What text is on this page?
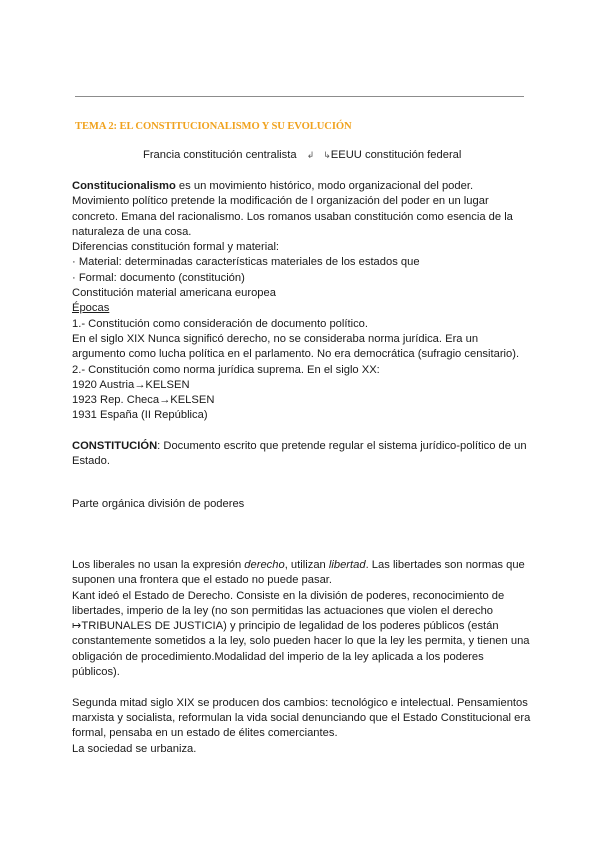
TEMA 2: EL CONSTITUCIONALISMO Y SU EVOLUCIÓN
Francia constitución centralista ↲ ↳EEUU constitución federal
Constitucionalismo es un movimiento histórico, modo organizacional del poder.
Movimiento político pretende la modificación de l organización del poder en un lugar
concreto. Emana del racionalismo. Los romanos usaban constitución como esencia de la
naturaleza de una cosa.
Diferencias constitución formal y material:
· Material: determinadas características materiales de los estados que
· Formal: documento (constitución)
Constitución material americana europea
Épocas
1.- Constitución como consideración de documento político.
En el siglo XIX Nunca significó derecho, no se consideraba norma jurídica. Era un
argumento como lucha política en el parlamento. No era democrática (sufragio censitario).
2.- Constitución como norma jurídica suprema. En el siglo XX:
1920 Austria→KELSEN
1923 Rep. Checa→KELSEN
1931 España (II República)
CONSTITUCIÓN: Documento escrito que pretende regular el sistema jurídico-político de un
Estado.
Parte orgánica división de poderes
Los liberales no usan la expresión derecho, utilizan libertad. Las libertades son normas que
suponen una frontera que el estado no puede pasar.
Kant ideó el Estado de Derecho. Consiste en la división de poderes, reconocimiento de
libertades, imperio de la ley (no son permitidas las actuaciones que violen el derecho
↦TRIBUNALES DE JUSTICIA) y principio de legalidad de los poderes públicos (están
constantemente sometidos a la ley, solo pueden hacer lo que la ley les permita, y tienen una
obligación de procedimiento.Modalidad del imperio de la ley aplicada a los poderes
públicos).
Segunda mitad siglo XIX se producen dos cambios: tecnológico e intelectual. Pensamientos
marxista y socialista, reformulan la vida social denunciando que el Estado Constitucional era
formal, pensaba en un estado de élites comerciantes.
La sociedad se urbaniza.
